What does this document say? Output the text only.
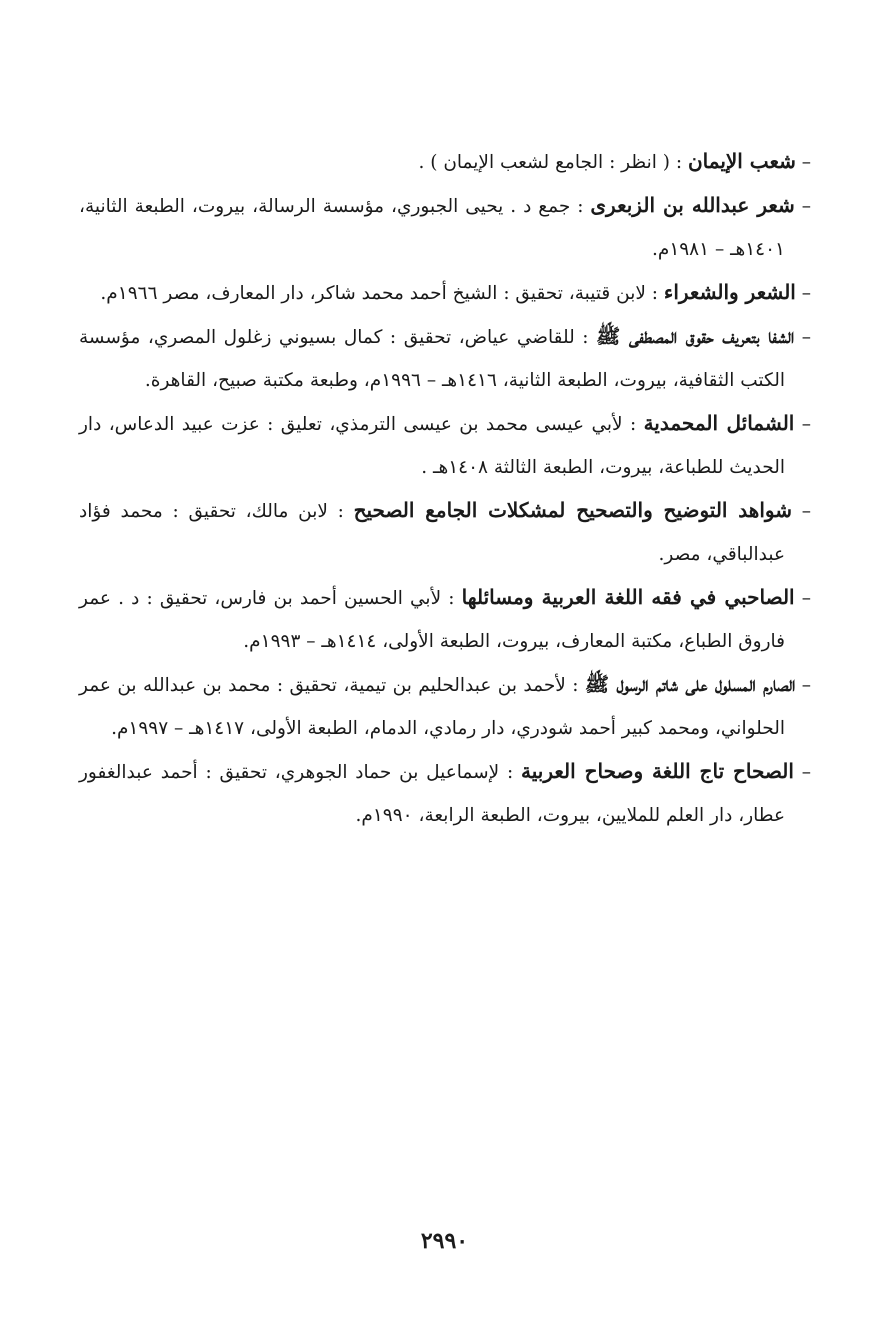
– شعب الإيمان : ( انظر : الجامع لشعب الإيمان ) .

– شعر عبدالله بن الزبعرى : جمع د . يحيى الجبوري، مؤسسة الرسالة، بيروت، الطبعة الثانية، ١٤٠١هـ – ١٩٨١م.

– الشعر والشعراء : لابن قتيبة، تحقيق : الشيخ أحمد محمد شاكر، دار المعارف، مصر ١٩٦٦م.

– الشفا بتعريف حقوق المصطفى ﷺ : للقاضي عياض، تحقيق : كمال بسيوني زغلول المصري، مؤسسة الكتب الثقافية، بيروت، الطبعة الثانية، ١٤١٦هـ – ١٩٩٦م، وطبعة مكتبة صبيح، القاهرة.

– الشمائل المحمدية : لأبي عيسى محمد بن عيسى الترمذي، تعليق : عزت عبيد الدعاس، دار الحديث للطباعة، بيروت، الطبعة الثالثة ١٤٠٨هـ .

– شواهد التوضيح والتصحيح لمشكلات الجامع الصحيح : لابن مالك، تحقيق : محمد فؤاد عبدالباقي، مصر.

– الصاحبي في فقه اللغة العربية ومسائلها : لأبي الحسين أحمد بن فارس، تحقيق : د . عمر فاروق الطباع، مكتبة المعارف، بيروت، الطبعة الأولى، ١٤١٤هـ – ١٩٩٣م.

– الصارم المسلول على شاتم الرسول ﷺ : لأحمد بن عبدالحليم بن تيمية، تحقيق : محمد بن عبدالله بن عمر الحلواني، ومحمد كبير أحمد شودري، دار رمادي، الدمام، الطبعة الأولى، ١٤١٧هـ – ١٩٩٧م.

– الصحاح تاج اللغة وصحاح العربية : لإسماعيل بن حماد الجوهري، تحقيق : أحمد عبدالغفور عطار، دار العلم للملايين، بيروت، الطبعة الرابعة، ١٩٩٠م.

٢٩٩٠
